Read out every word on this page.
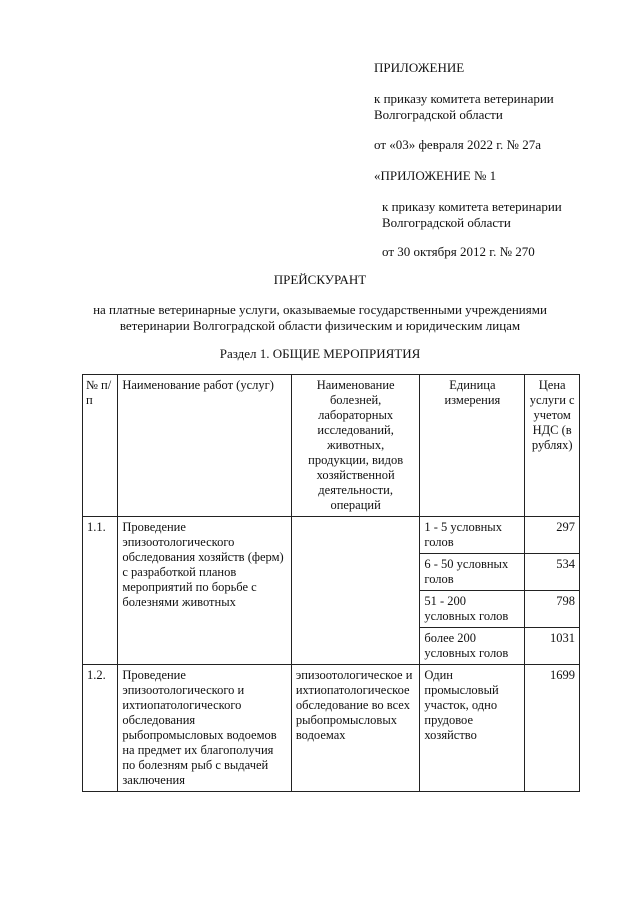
ПРИЛОЖЕНИЕ
к приказу комитета ветеринарии
Волгоградской области
от «03» февраля 2022 г. № 27а
«ПРИЛОЖЕНИЕ № 1
к приказу комитета ветеринарии
Волгоградской области
от 30 октября 2012 г. № 270
ПРЕЙСКУРАНТ
на платные ветеринарные услуги, оказываемые государственными учреждениями
ветеринарии Волгоградской области физическим и юридическим лицам
Раздел 1. ОБЩИЕ МЕРОПРИЯТИЯ
№ п/п	Наименование работ (услуг)	Наименование болезней, лабораторных исследований, животных, продукции, видов хозяйственной деятельности, операций	Единица измерения	Цена услуги с учетом НДС (в рублях)
1.1.	Проведение эпизоотологического обследования хозяйств (ферм) с разработкой планов мероприятий по борьбе с болезнями животных		1 - 5 условных голов	297
			6 - 50 условных голов	534
			51 - 200 условных голов	798
			более 200 условных голов	1031
1.2.	Проведение эпизоотологического и ихтиопатологического обследования рыбопромысловых водоемов на предмет их благополучия по болезням рыб с выдачей заключения	эпизоотологическое и ихтиопатологическое обследование во всех рыбопромысловых водоемах	Один промысловый участок, одно прудовое хозяйство	1699
